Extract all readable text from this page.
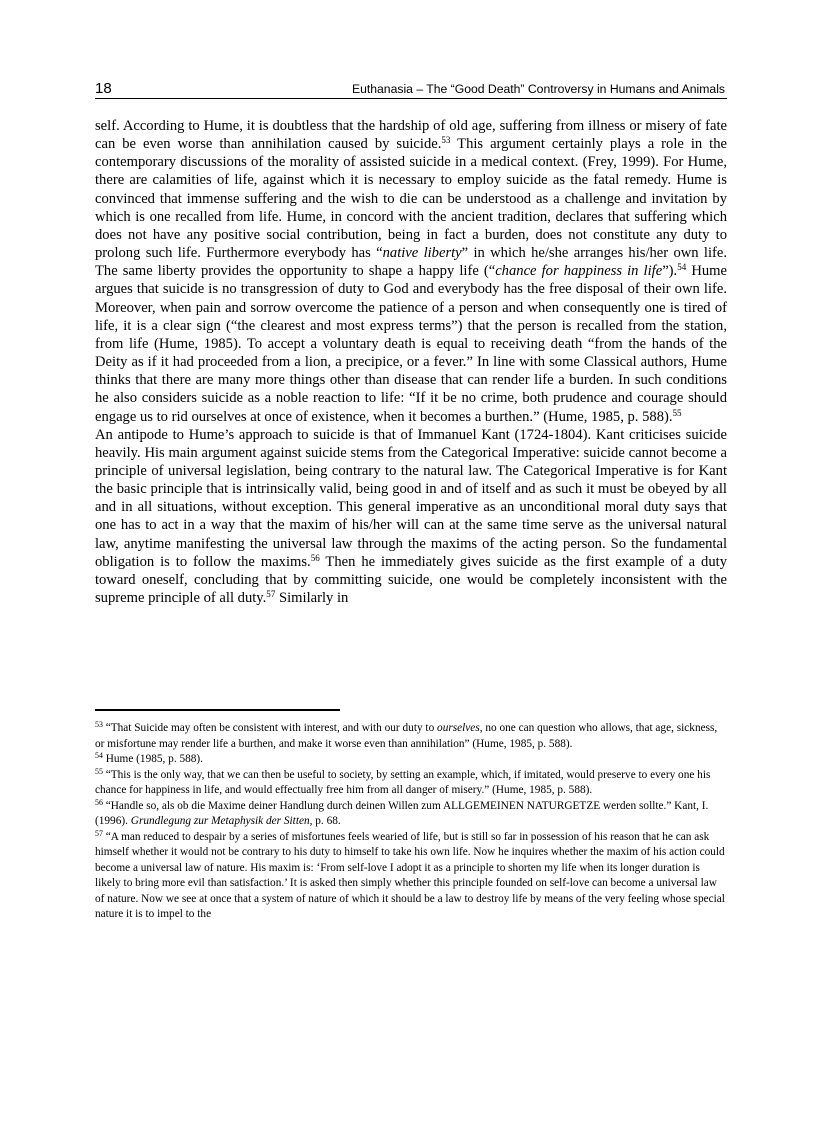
18	Euthanasia – The “Good Death” Controversy in Humans and Animals

self. According to Hume, it is doubtless that the hardship of old age, suffering from illness or misery of fate can be even worse than annihilation caused by suicide.$^{53}$ This argument certainly plays a role in the contemporary discussions of the morality of assisted suicide in a medical context. (Frey, 1999). For Hume, there are calamities of life, against which it is necessary to employ suicide as the fatal remedy. Hume is convinced that immense suffering and the wish to die can be understood as a challenge and invitation by which is one recalled from life. Hume, in concord with the ancient tradition, declares that suffering which does not have any positive social contribution, being in fact a burden, does not constitute any duty to prolong such life. Furthermore everybody has “native liberty” in which he/she arranges his/her own life. The same liberty provides the opportunity to shape a happy life (“chance for happiness in life”).$^{54}$ Hume argues that suicide is no transgression of duty to God and everybody has the free disposal of their own life. Moreover, when pain and sorrow overcome the patience of a person and when consequently one is tired of life, it is a clear sign (“the clearest and most express terms”) that the person is recalled from the station, from life (Hume, 1985). To accept a voluntary death is equal to receiving death “from the hands of the Deity as if it had proceeded from a lion, a precipice, or a fever.” In line with some Classical authors, Hume thinks that there are many more things other than disease that can render life a burden. In such conditions he also considers suicide as a noble reaction to life: “If it be no crime, both prudence and courage should engage us to rid ourselves at once of existence, when it becomes a burthen.” (Hume, 1985, p. 588).$^{55}$

An antipode to Hume’s approach to suicide is that of Immanuel Kant (1724-1804). Kant criticises suicide heavily. His main argument against suicide stems from the Categorical Imperative: suicide cannot become a principle of universal legislation, being contrary to the natural law. The Categorical Imperative is for Kant the basic principle that is intrinsically valid, being good in and of itself and as such it must be obeyed by all and in all situations, without exception. This general imperative as an unconditional moral duty says that one has to act in a way that the maxim of his/her will can at the same time serve as the universal natural law, anytime manifesting the universal law through the maxims of the acting person. So the fundamental obligation is to follow the maxims.$^{56}$ Then he immediately gives suicide as the first example of a duty toward oneself, concluding that by committing suicide, one would be completely inconsistent with the supreme principle of all duty.$^{57}$ Similarly in

$^{53}$ “That Suicide may often be consistent with interest, and with our duty to ourselves, no one can question who allows, that age, sickness, or misfortune may render life a burthen, and make it worse even than annihilation” (Hume, 1985, p. 588).

$^{54}$ Hume (1985, p. 588).

$^{55}$ “This is the only way, that we can then be useful to society, by setting an example, which, if imitated, would preserve to every one his chance for happiness in life, and would effectually free him from all danger of misery.” (Hume, 1985, p. 588).

$^{56}$ “Handle so, als ob die Maxime deiner Handlung durch deinen Willen zum ALLGEMEINEN NATURGETZE werden sollte.” Kant, I. (1996). Grundlegung zur Metaphysik der Sitten, p. 68.

$^{57}$ “A man reduced to despair by a series of misfortunes feels wearied of life, but is still so far in possession of his reason that he can ask himself whether it would not be contrary to his duty to himself to take his own life. Now he inquires whether the maxim of his action could become a universal law of nature. His maxim is: ‘From self-love I adopt it as a principle to shorten my life when its longer duration is likely to bring more evil than satisfaction.’ It is asked then simply whether this principle founded on self-love can become a universal law of nature. Now we see at once that a system of nature of which it should be a law to destroy life by means of the very feeling whose special nature it is to impel to the
